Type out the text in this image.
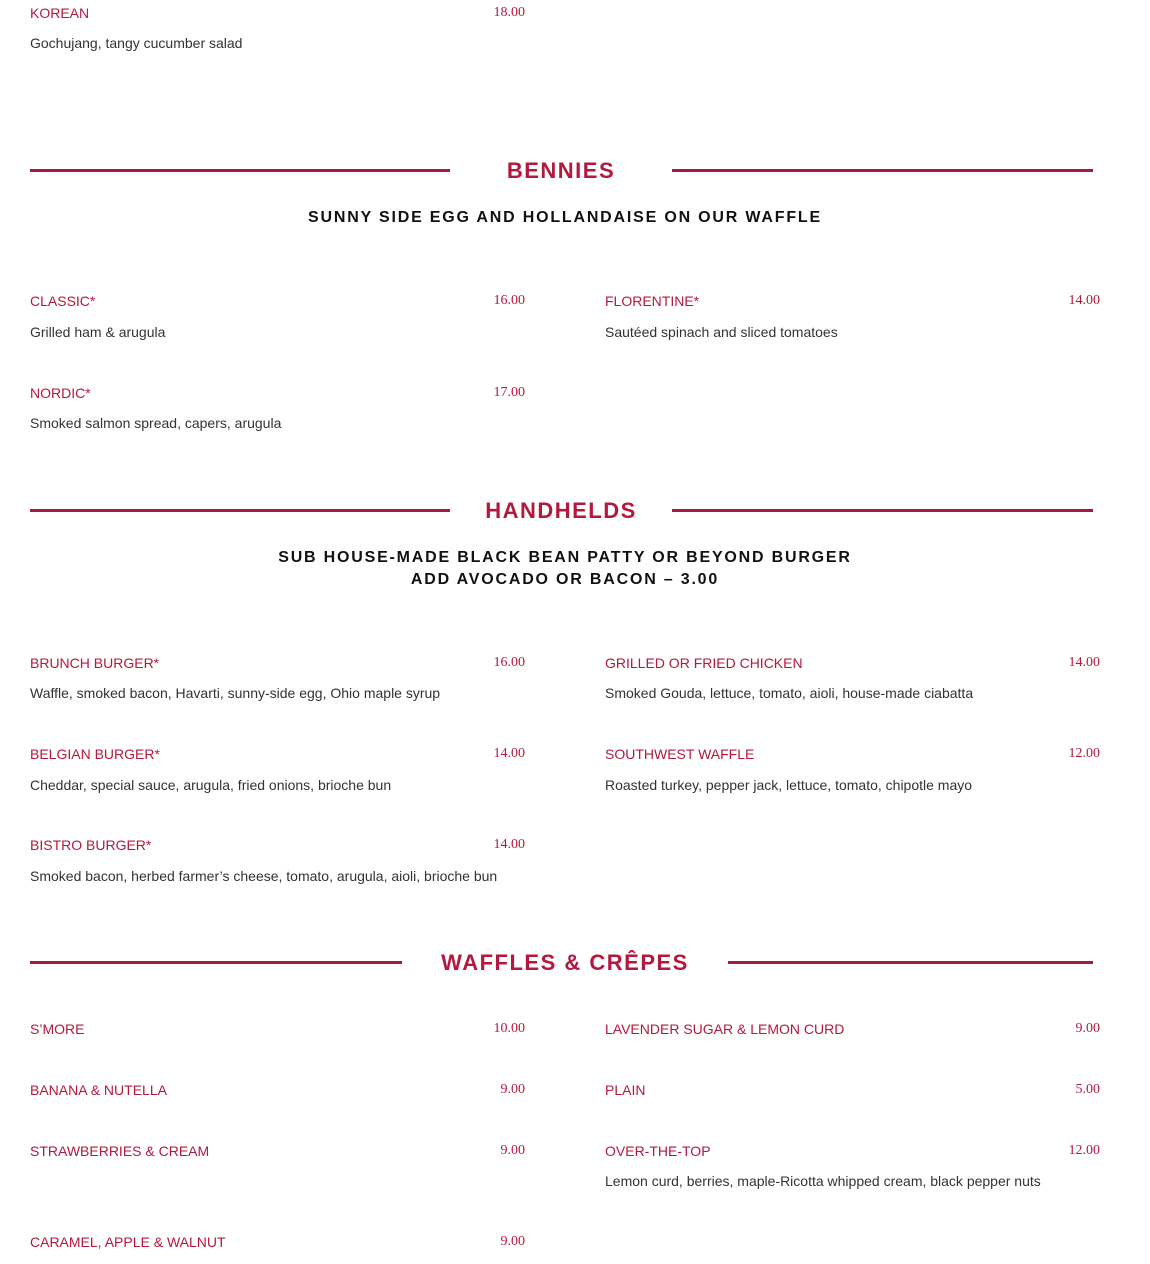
KOREAN	18.00
Gochujang, tangy cucumber salad
BENNIES
SUNNY SIDE EGG AND HOLLANDAISE ON OUR WAFFLE
CLASSIC*	16.00
Grilled ham & arugula
FLORENTINE*	14.00
Sautéed spinach and sliced tomatoes
NORDIC*	17.00
Smoked salmon spread, capers, arugula
HANDHELDS
SUB HOUSE-MADE BLACK BEAN PATTY OR BEYOND BURGER
ADD AVOCADO OR BACON – 3.00
BRUNCH BURGER*	16.00
Waffle, smoked bacon, Havarti, sunny-side egg, Ohio maple syrup
GRILLED OR FRIED CHICKEN	14.00
Smoked Gouda, lettuce, tomato, aioli, house-made ciabatta
BELGIAN BURGER*	14.00
Cheddar, special sauce, arugula, fried onions, brioche bun
SOUTHWEST WAFFLE	12.00
Roasted turkey, pepper jack, lettuce, tomato, chipotle mayo
BISTRO BURGER*	14.00
Smoked bacon, herbed farmer’s cheese, tomato, arugula, aioli, brioche bun
WAFFLES & CRÊPES
S’MORE	10.00	LAVENDER SUGAR & LEMON CURD	9.00
BANANA & NUTELLA	9.00	PLAIN	5.00
STRAWBERRIES & CREAM	9.00	OVER-THE-TOP	12.00
Lemon curd, berries, maple-Ricotta whipped cream, black pepper nuts
CARAMEL, APPLE & WALNUT	9.00
